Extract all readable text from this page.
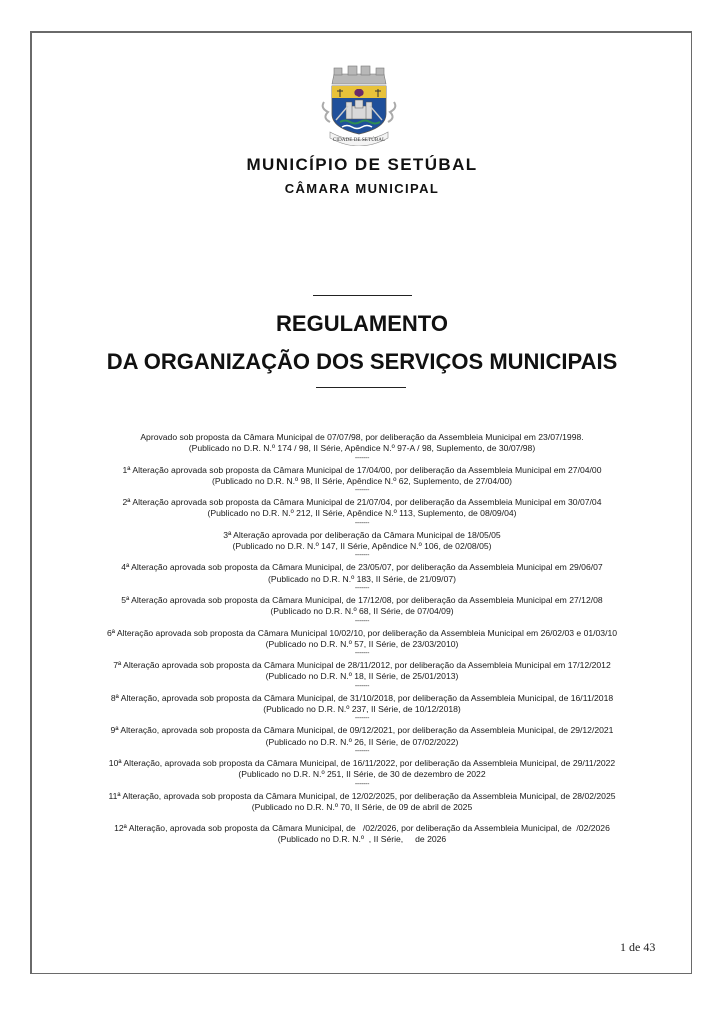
CIDADE DE SETÚBAL
MUNICÍPIO DE SETÚBAL
CÂMARA MUNICIPAL
REGULAMENTO
DA ORGANIZAÇÃO DOS SERVIÇOS MUNICIPAIS

Aprovado sob proposta da Câmara Municipal de 07/07/98, por deliberação da Assembleia Municipal em 23/07/1998.

(Publicado no D.R. N.º 174 / 98, II Série, Apêndice N.º 97-A / 98, Suplemento, de 30/07/98)

-------

1ª Alteração aprovada sob proposta da Câmara Municipal de 17/04/00, por deliberação da Assembleia Municipal em 27/04/00

(Publicado no D.R. N.º 98, II Série, Apêndice N.º 62, Suplemento, de 27/04/00)

-------

2ª Alteração aprovada sob proposta da Câmara Municipal de 21/07/04, por deliberação da Assembleia Municipal em 30/07/04

(Publicado no D.R. N.º 212, II Série, Apêndice N.º 113, Suplemento, de 08/09/04)

-------

3ª Alteração aprovada por deliberação da Câmara Municipal de 18/05/05

(Publicado no D.R. N.º 147, II Série, Apêndice N.º 106, de 02/08/05)

-------

4ª Alteração aprovada sob proposta da Câmara Municipal, de 23/05/07, por deliberação da Assembleia Municipal em 29/06/07

(Publicado no D.R. N.º 183, II Série, de 21/09/07)

-------

5ª Alteração aprovada sob proposta da Câmara Municipal, de 17/12/08, por deliberação da Assembleia Municipal em 27/12/08

(Publicado no D.R. N.º 68, II Série, de 07/04/09)

-------

6ª Alteração aprovada sob proposta da Câmara Municipal 10/02/10, por deliberação da Assembleia Municipal em 26/02/03 e 01/03/10

(Publicado no D.R. N.º 57, II Série, de 23/03/2010)

-------

7ª Alteração aprovada sob proposta da Câmara Municipal de 28/11/2012, por deliberação da Assembleia Municipal em 17/12/2012

(Publicado no D.R. N.º 18, II Série, de 25/01/2013)

-------

8ª Alteração, aprovada sob proposta da Câmara Municipal, de 31/10/2018, por deliberação da Assembleia Municipal, de 16/11/2018

(Publicado no D.R. N.º 237, II Série, de 10/12/2018)

-------

9ª Alteração, aprovada sob proposta da Câmara Municipal, de 09/12/2021, por deliberação da Assembleia Municipal, de 29/12/2021

(Publicado no D.R. N.º 26, II Série, de 07/02/2022)

-------

10ª Alteração, aprovada sob proposta da Câmara Municipal, de 16/11/2022, por deliberação da Assembleia Municipal, de 29/11/2022

(Publicado no D.R. N.º 251, II Série, de 30 de dezembro de 2022

-------

11ª Alteração, aprovada sob proposta da Câmara Municipal, de 12/02/2025, por deliberação da Assembleia Municipal, de 28/02/2025

(Publicado no D.R. N.º 70, II Série, de 09 de abril de 2025

12ª Alteração, aprovada sob proposta da Câmara Municipal, de   /02/2026, por deliberação da Assembleia Municipal, de  /02/2026

(Publicado no D.R. N.º  , II Série,     de 2026

1 de 43
